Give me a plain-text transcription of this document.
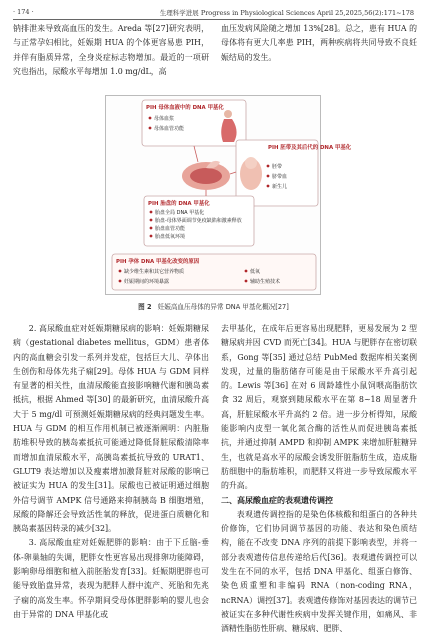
· 174 ·	生理科学进展 Progress in Physiological Sciences April 25,2025,56(2):171~178

钠排泄来导致高血压的发生。Areda 等[27]研究表明，与正常孕妇相比，妊娠期 HUA 的个体更容易患 PIH，并伴有脂质异常，全身炎症标志物增加。最近的一项研究也指出，尿酸水平每增加 1.0 mg/dL，高

血压发病风险随之增加 13%[28]。总之，患有 HUA 的母体将有更大几率患 PIH，两种疾病将共同导致不良妊娠结局的发生。

PIH 母体血液中的 DNA 甲基化
母体血浆
母体血管功能
PIH 胚带及其后代的 DNA 甲基化
胚带
脐带血
新生儿
PIH 胎盘的 DNA 甲基化
胎盘全局 DNA 甲基化
胎盘-母体界面调节免疫缺陷和激素释放
胎盘血管功能
胎盘低氧环境
PIH 孕体 DNA 甲基化改变的原因
缺少维生素和其它营养物质
妊娠期间的环境暴露
低氧
辅助生殖技术
图 2 妊娠高血压母体的异常 DNA 甲基化概况[27]

2. 高尿酸血症对妊娠期糖尿病的影响：妊娠期糖尿病（gestational diabetes mellitus，GDM）患者体内的高血糖会引发一系列并发症，包括巨大儿、孕体出生创伤和母体先兆子痫[29]。母体 HUA 与 GDM 同样有显著的相关性，血清尿酸能直接影响糖代谢和胰岛素抵抗，根据 Ahmed 等[30] 的最新研究，血清尿酸升高大于 5 mg/dl 可预测妊娠期糖尿病的经典问题发生率。HUA 与 GDM 的相互作用机制已被逐渐阐明：内脏脂肪堆积导致的胰岛素抵抗可能通过降低肾脏尿酸清除率而增加血清尿酸水平，高胰岛素抵抗导致的 URAT1、GLUT9 表达增加以及瘦素增加激肾脏对尿酸的影响已被证实为 HUA 的发生[31]。尿酸也已被证明通过细胞外信号调节 AMPK 信号通路来抑制胰岛 B 细胞增殖，尿酸的降解还会导致活性氧的释放，促进蛋白质糖化和胰岛素基因转录的减少[32]。

3. 高尿酸血症对妊娠肥胖的影响：由于下丘脑-垂体-卵巢轴的失调，肥胖女性更容易出现排卵功能障碍，影响卵母细胞和植入前胚胎发育[33]。妊娠期肥胖也可能导致胎盘异常，表现为肥胖人群中流产、死胎和先兆子痫的高发生率。怀孕期间受母体肥胖影响的婴儿也会由于异常的 DNA 甲基化或

去甲基化，在成年后更容易出现肥胖，更易发展为 2 型糖尿病并因 CVD 而死亡[34]。HUA 与肥胖存在密切联系，Gong 等[35] 通过总结 PubMed 数据库相关案例发现，过量的脂肪储存可能是由于尿酸水平升高引起的。Lewis 等[36] 在对 6 周龄雄性小鼠饲喂高脂肪饮食 32 周后，观察到随尿酸水平在第 8~18 周显著升高，肝脏尿酸水平升高约 2 倍。进一步分析得知，尿酸能影响内皮型一氧化氮合酶的活性从而促进胰岛素抵抗，并通过抑制 AMPD 和抑制 AMPK 来增加肝脏糖异生，也就是高水平的尿酸会诱发肝脏脂肪生成，造成脂肪细胞中的脂肪堆积，而肥胖又将进一步导致尿酸水平的升高。

二、高尿酸血症的表观遗传调控

表观遗传调控指的是染色体核酸和组蛋白的各种共价修饰，它们协同调节基因的功能、表达和染色质结构，能在不改变 DNA 序列的前提下影响表型，并将一部分表观遗传信息传递给后代[36]。表观遗传调控可以发生在不同的水平，包括 DNA 甲基化、组蛋白修饰、染色质重塑和非编码 RNA（non-coding RNA，ncRNA）调控[37]。表观遗传修饰对基因表达的调节已被证实在多种代谢性疾病中发挥关键作用，如痛风、非酒精性脂肪性肝病、糖尿病、肥胖、
